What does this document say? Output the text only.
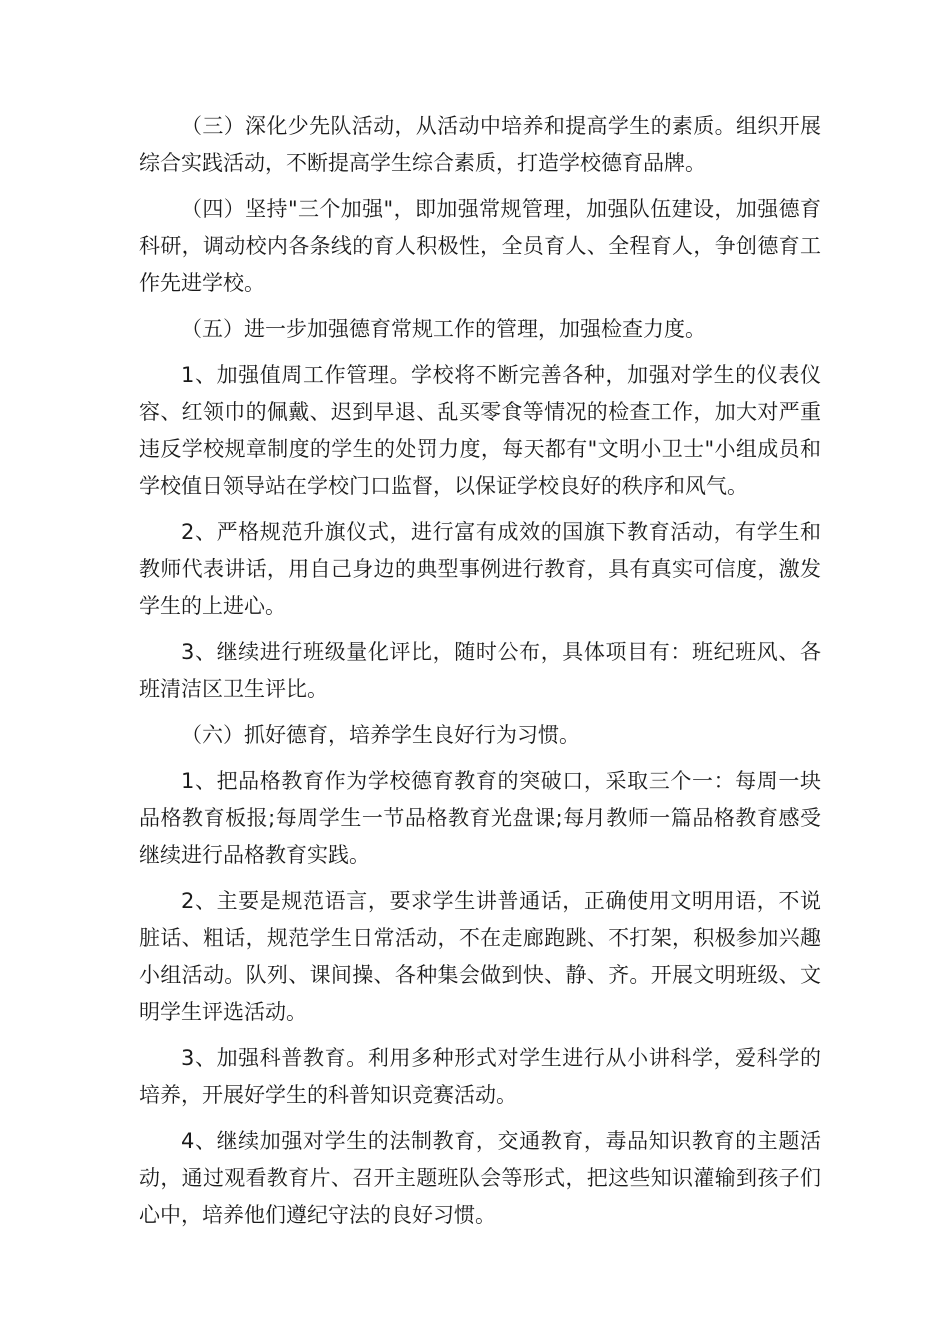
（三）深化少先队活动，从活动中培养和提高学生的素质。组织开展综合实践活动，不断提高学生综合素质，打造学校德育品牌。

（四）坚持"三个加强"，即加强常规管理，加强队伍建设，加强德育科研，调动校内各条线的育人积极性，全员育人、全程育人，争创德育工作先进学校。

（五）进一步加强德育常规工作的管理，加强检查力度。

1、加强值周工作管理。学校将不断完善各种，加强对学生的仪表仪容、红领巾的佩戴、迟到早退、乱买零食等情况的检查工作，加大对严重违反学校规章制度的学生的处罚力度，每天都有"文明小卫士"小组成员和学校值日领导站在学校门口监督，以保证学校良好的秩序和风气。

2、严格规范升旗仪式，进行富有成效的国旗下教育活动，有学生和教师代表讲话，用自己身边的典型事例进行教育，具有真实可信度，激发学生的上进心。

3、继续进行班级量化评比，随时公布，具体项目有：班纪班风、各班清洁区卫生评比。

（六）抓好德育，培养学生良好行为习惯。

1、把品格教育作为学校德育教育的突破口，采取三个一：每周一块品格教育板报;每周学生一节品格教育光盘课;每月教师一篇品格教育感受继续进行品格教育实践。

2、主要是规范语言，要求学生讲普通话，正确使用文明用语，不说脏话、粗话，规范学生日常活动，不在走廊跑跳、不打架，积极参加兴趣小组活动。队列、课间操、各种集会做到快、静、齐。开展文明班级、文明学生评选活动。

3、加强科普教育。利用多种形式对学生进行从小讲科学，爱科学的培养，开展好学生的科普知识竞赛活动。

4、继续加强对学生的法制教育，交通教育，毒品知识教育的主题活动，通过观看教育片、召开主题班队会等形式，把这些知识灌输到孩子们心中，培养他们遵纪守法的良好习惯。
